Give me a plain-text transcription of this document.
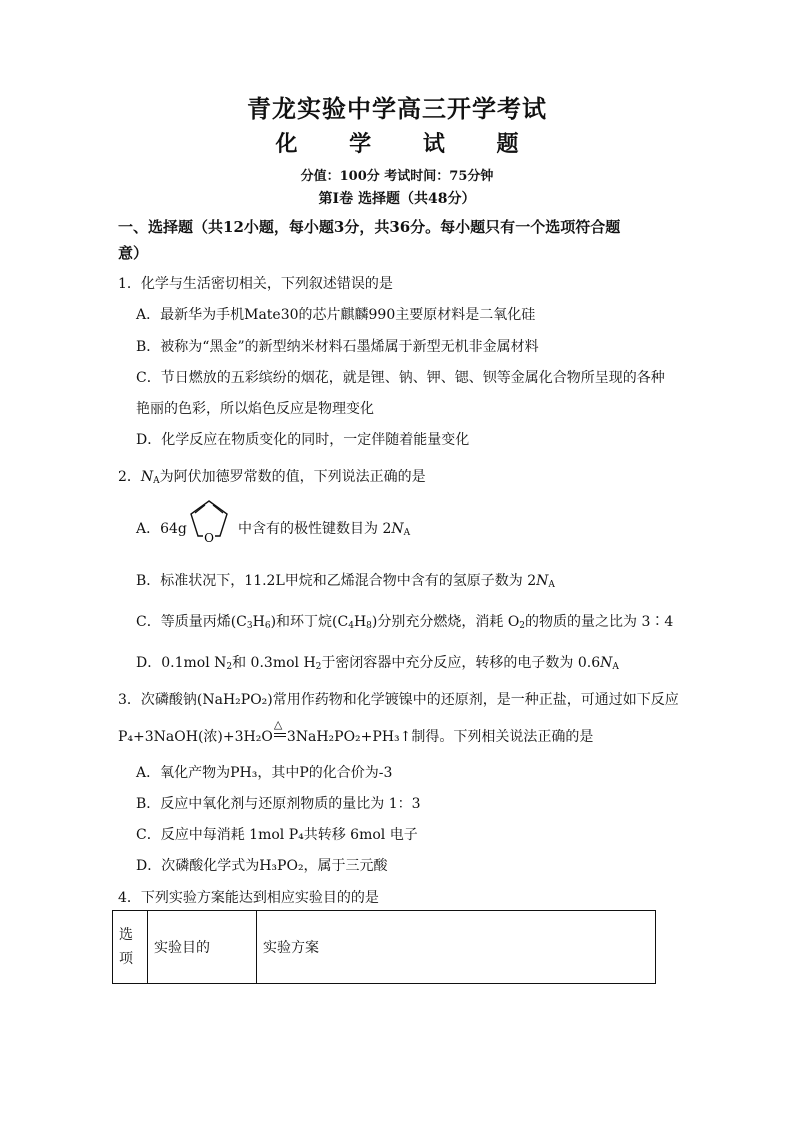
青龙实验中学高三开学考试
化 学 试 题
分值：100分 考试时间：75分钟
第Ⅰ卷 选择题（共48分）
一、选择题（共12小题，每小题3分，共36分。每小题只有一个选项符合题
意）
1．化学与生活密切相关，下列叙述错误的是
A．最新华为手机Mate30的芯片麒麟990主要原材料是二氧化硅
B．被称为“黑金”的新型纳米材料石墨烯属于新型无机非金属材料
C．节日燃放的五彩缤纷的烟花，就是锂、钠、钾、锶、钡等金属化合物所呈现的各种
艳丽的色彩，所以焰色反应是物理变化
D．化学反应在物质变化的同时，一定伴随着能量变化
2．$N_A$为阿伏加德罗常数的值，下列说法正确的是
A．64g
O
中含有的极性键数目为 $2N_A$
B．标准状况下，11.2L甲烷和乙烯混合物中含有的氢原子数为 $2N_A$
C．等质量丙烯$(C_3H_6)$和环丁烷$(C_4H_8)$分别充分燃烧，消耗 $O_2$的物质的量之比为 3∶4
D．0.1mol $N_2$和 0.3mol $H_2$于密闭容器中充分反应，转移的电子数为 $0.6N_A$
3．次磷酸钠(NaH₂PO₂)常用作药物和化学镀镍中的还原剂，是一种正盐，可通过如下反应
P₄+3NaOH(浓)+3H₂O
△
3NaH₂PO₂+PH₃↑制得。下列相关说法正确的是
A．氧化产物为PH₃，其中P的化合价为-3
B．反应中氧化剂与还原剂物质的量比为 1：3
C．反应中每消耗 1mol P₄共转移 6mol 电子
D．次磷酸化学式为H₃PO₂，属于三元酸
4．下列实验方案能达到相应实验目的的是
选项	实验目的	实验方案
